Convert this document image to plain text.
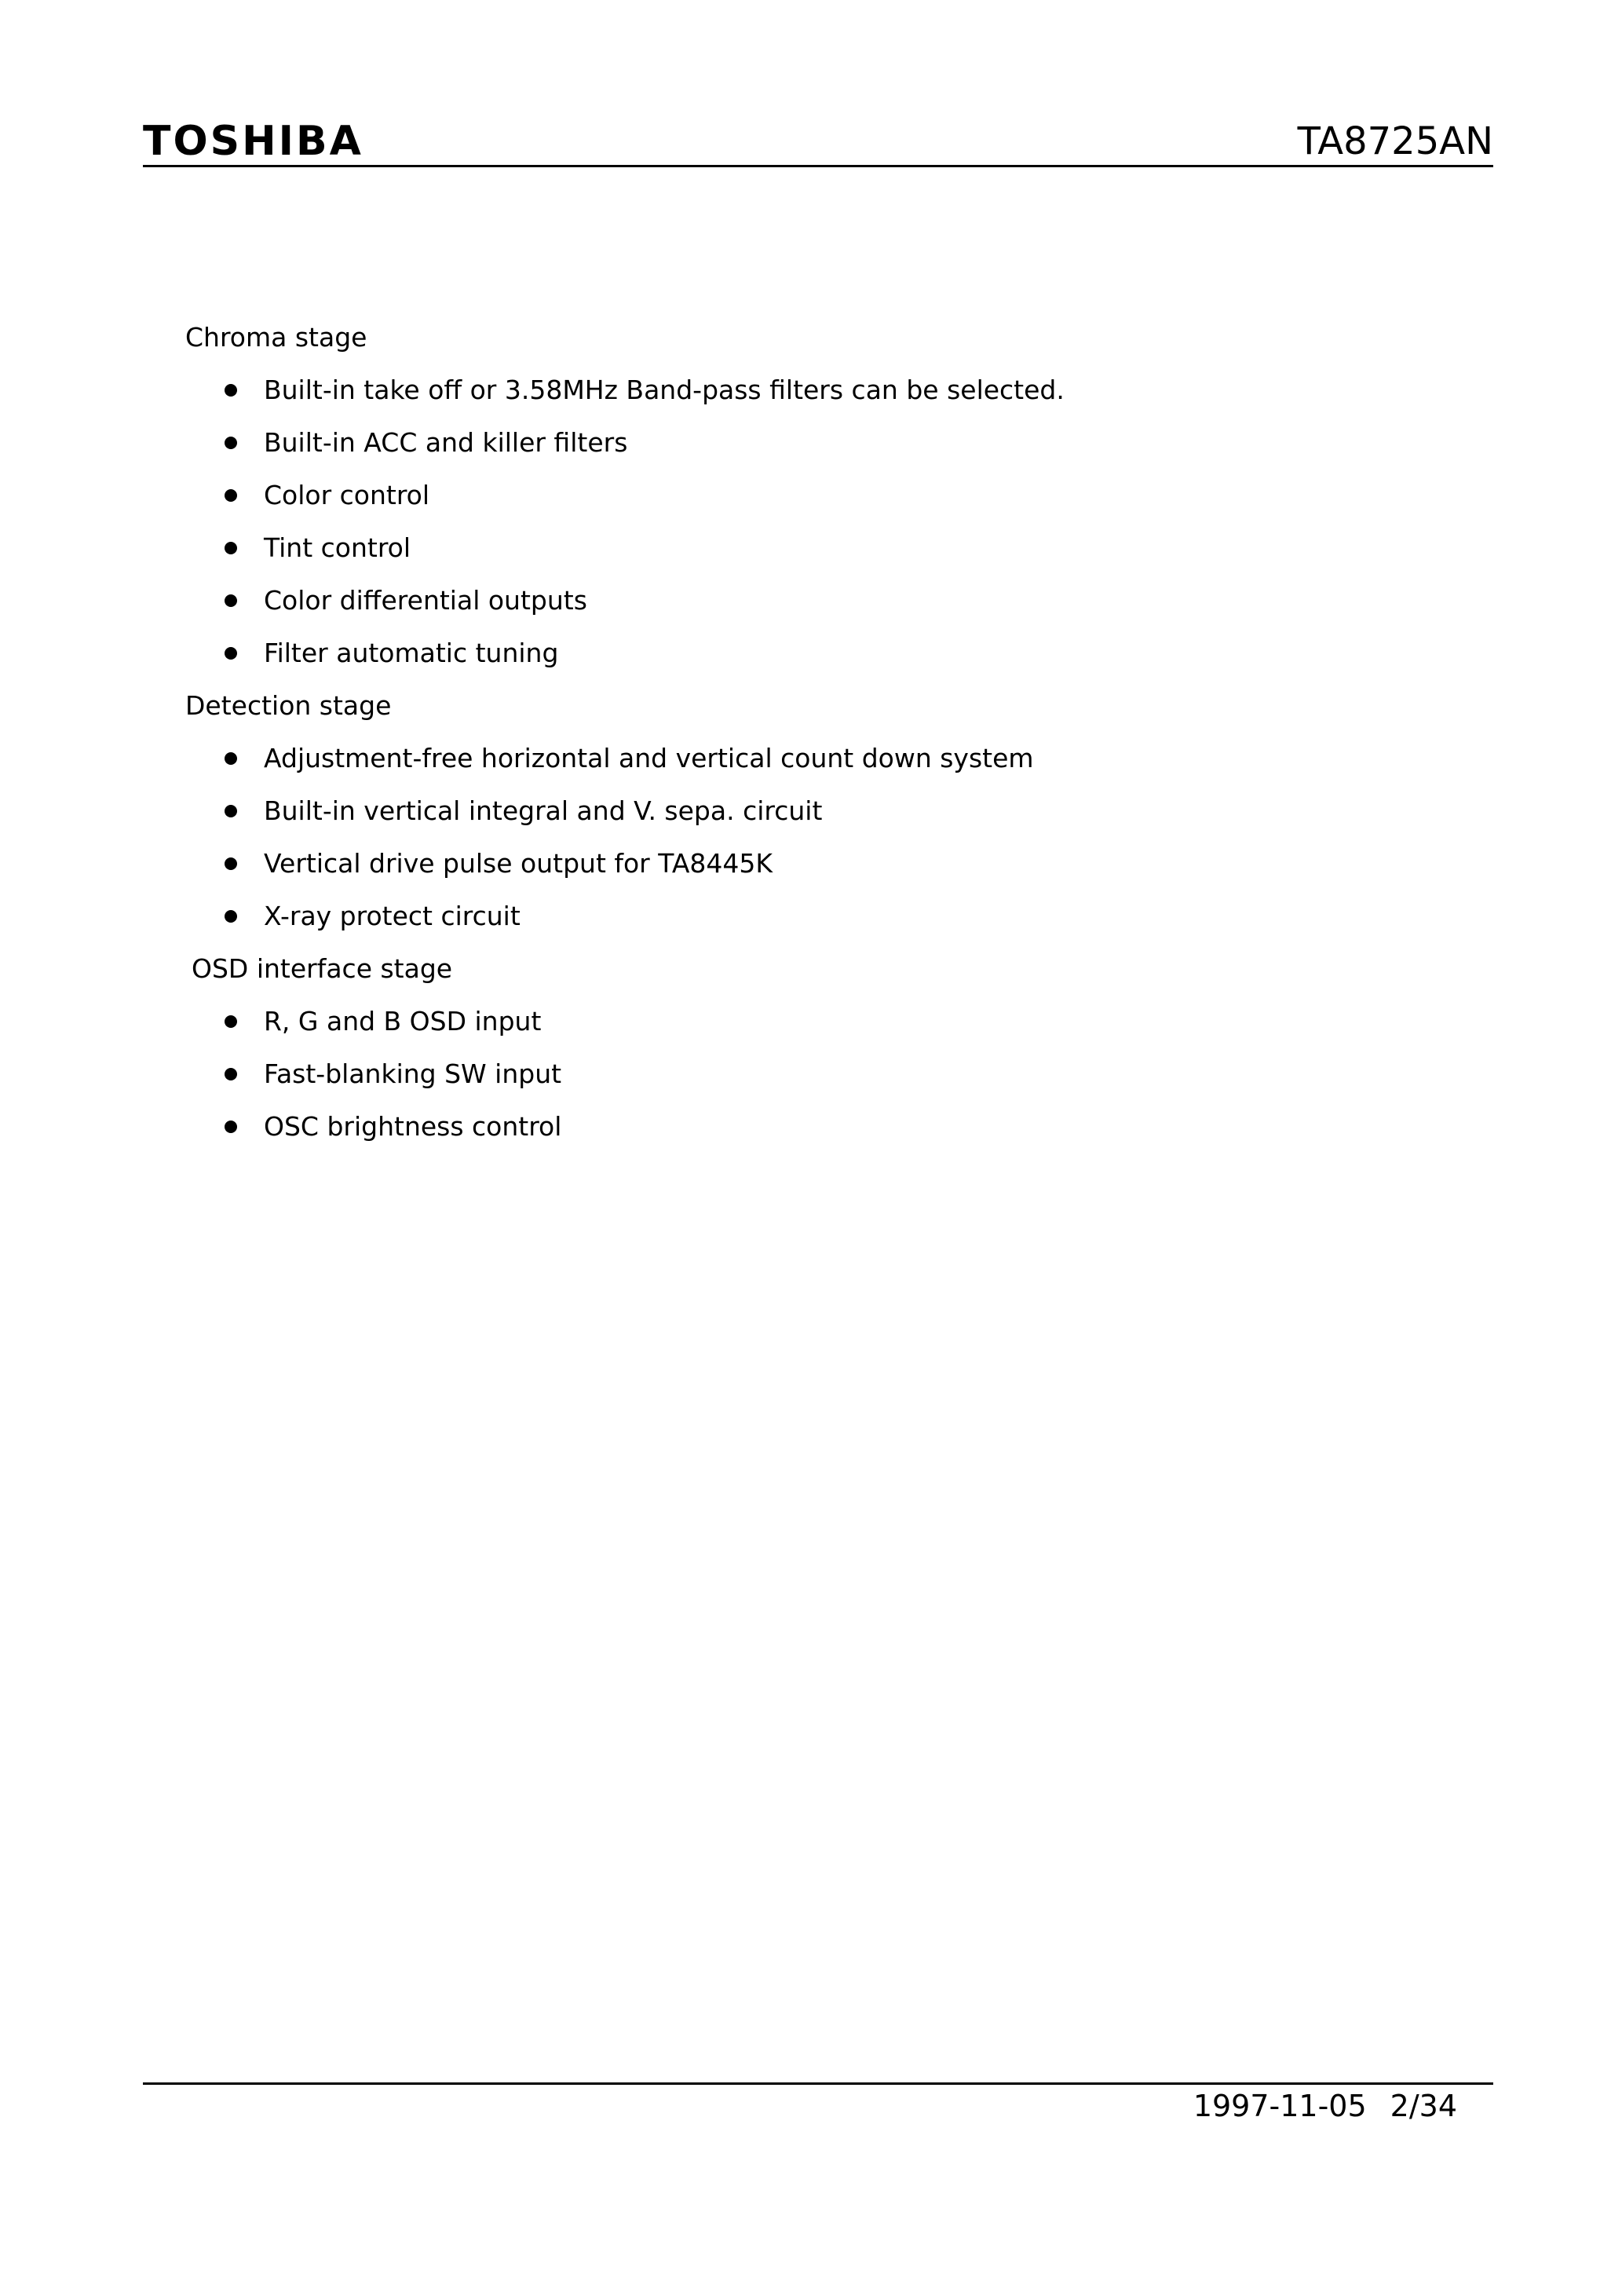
TOSHIBA	TA8725AN

Chroma stage

Built-in take off or 3.58MHz Band-pass filters can be selected.
Built-in ACC and killer filters
Color control
Tint control
Color differential outputs
Filter automatic tuning

Detection stage

Adjustment-free horizontal and vertical count down system
Built-in vertical integral and V. sepa. circuit
Vertical drive pulse output for TA8445K
X-ray protect circuit

OSD interface stage

R, G and B OSD input
Fast-blanking SW input
OSC brightness control
1997-11-05 2/34
